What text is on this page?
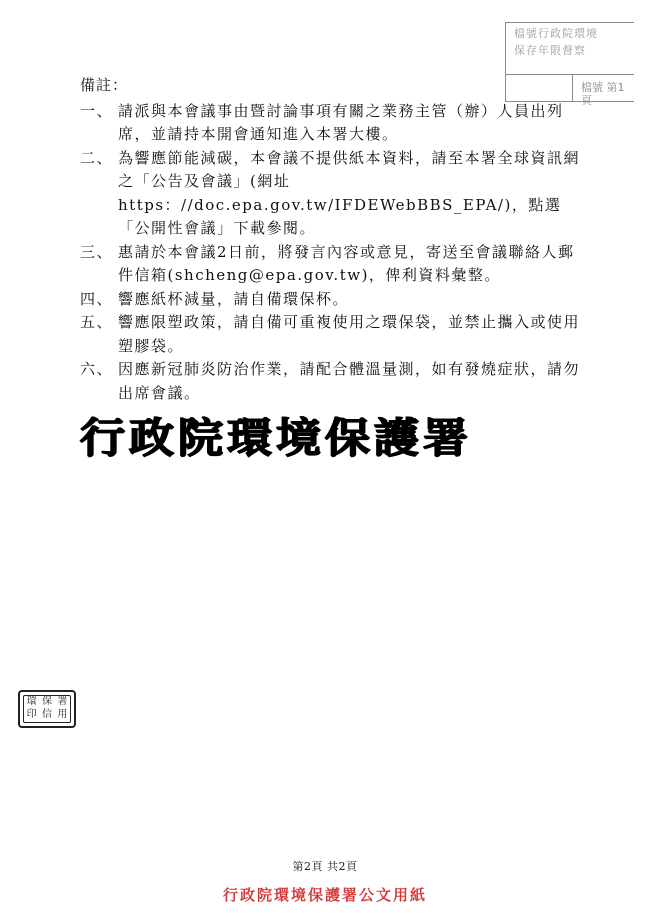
檔號行政院環境
保存年限督察
檔號 第1頁
備註：
一、 請派與本會議事由暨討論事項有關之業務主管（辦）人員出列席，並請持本開會通知進入本署大樓。
二、 為響應節能減碳，本會議不提供紙本資料，請至本署全球資訊網之「公告及會議」(網址https：//doc.epa.gov.tw/IFDEWebBBS_EPA/)，點選「公開性會議」下載參閱。
三、 惠請於本會議2日前，將發言內容或意見，寄送至會議聯絡人郵件信箱(shcheng@epa.gov.tw)，俾利資料彙整。
四、 響應紙杯減量，請自備環保杯。
五、 響應限塑政策，請自備可重複使用之環保袋，並禁止攜入或使用塑膠袋。
六、 因應新冠肺炎防治作業，請配合體溫量測，如有發燒症狀，請勿出席會議。
行政院環境保護署
環 保 署
印 信 用
第2頁 共2頁
行政院環境保護署公文用紙
